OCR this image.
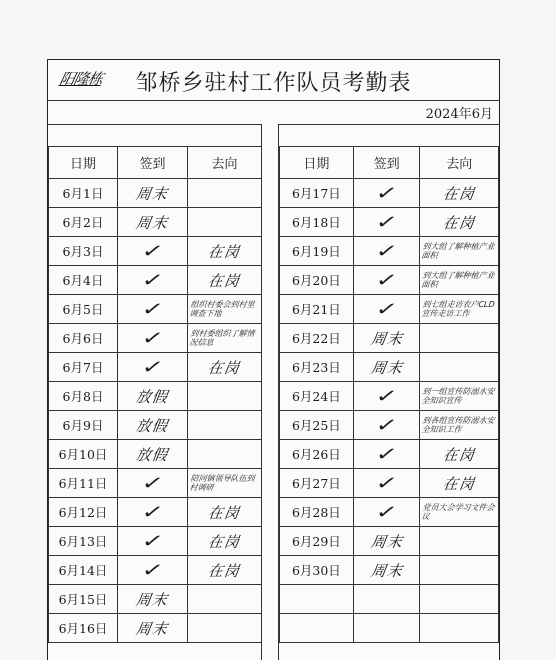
阳隆栋	邹桥乡驻村工作队员考勤表
2024年6月
日期	签到	去向
6月1日	周末	
6月2日	周末	
6月3日	✓	在岗
6月4日	✓	在岗
6月5日	✓	组织村委会到村里调查下地

6月6日	✓	到村委组织了解情况信息

6月7日	✓	在岗
6月8日	放假	
6月9日	放假	
6月10日	放假	
6月11日	✓	陪同镇领导队伍到村调研

6月12日	✓	在岗
6月13日	✓	在岗
6月14日	✓	在岗
6月15日	周末	
6月16日	周末	
日期	签到	去向
6月17日	✓	在岗
6月18日	✓	在岗
6月19日	✓	到大组了解种植产业面积

6月20日	✓	到大组了解种植产业面积

6月21日	✓	到七组走访农户CLD宣传走访工作

6月22日	周末	
6月23日	周末	
6月24日	✓	到一组宣传防溺水安全知识宣传

6月25日	✓	到各组宣传防溺水安全知识工作

6月26日	✓	在岗
6月27日	✓	在岗
6月28日	✓	党员大会学习文件会议

6月29日	周末	
6月30日	周末	
